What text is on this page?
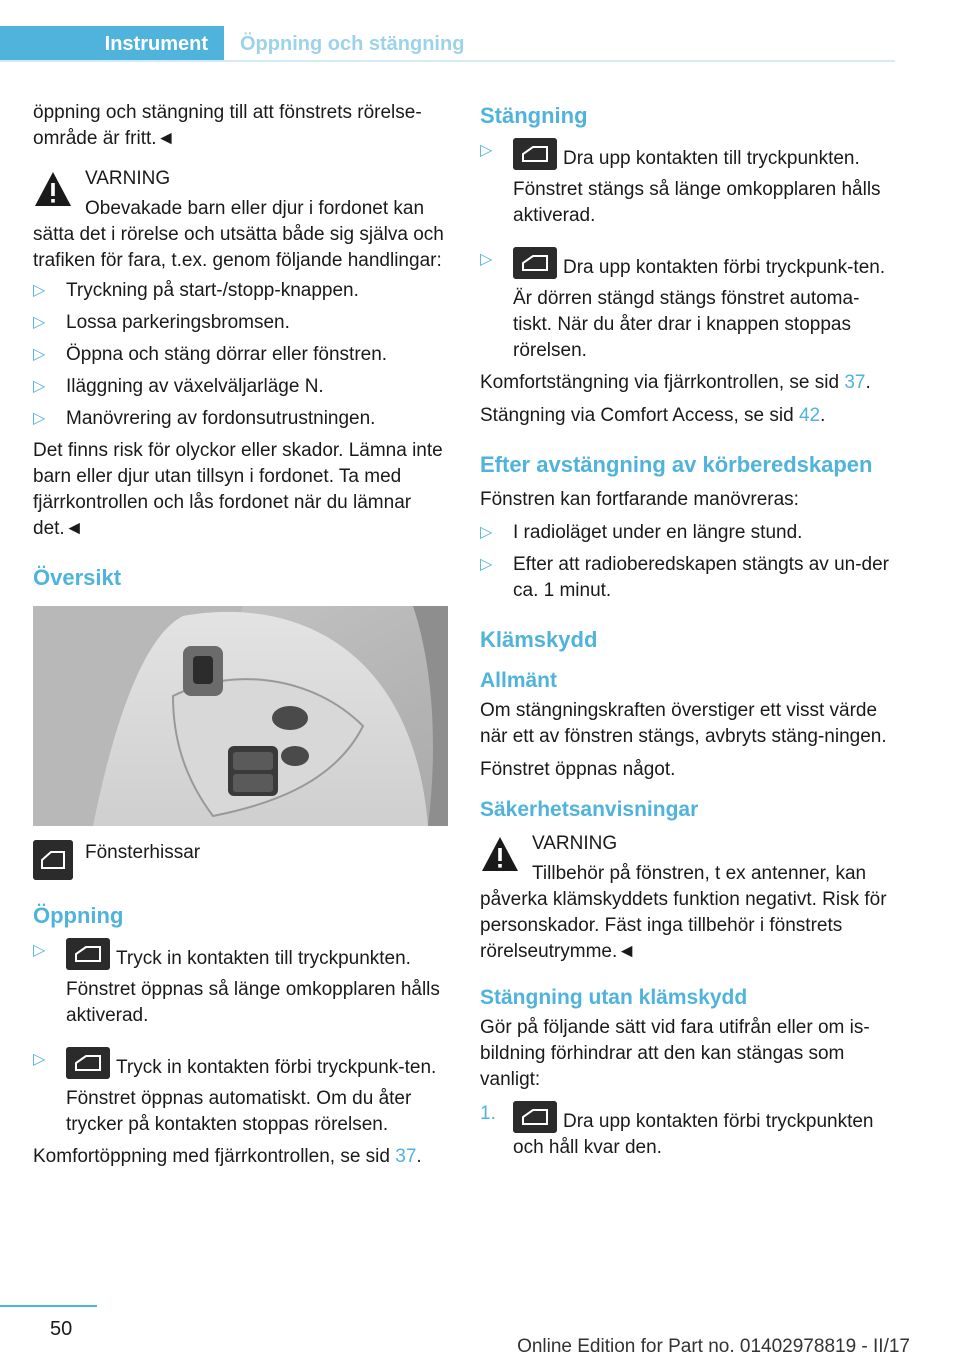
Instrument	Öppning och stängning

öppning och stängning till att fönstrets rörelse-område är fritt.◄

VARNING

Obevakade barn eller djur i fordonet kan

sätta det i rörelse och utsätta både sig själva och trafiken för fara, t.ex. genom följande handlingar:

▷ Tryckning på start-/stopp-knappen.
▷ Lossa parkeringsbromsen.
▷ Öppna och stäng dörrar eller fönstren.
▷ Iläggning av växelväljarläge N.
▷ Manövrering av fordonsutrustningen.

Det finns risk för olyckor eller skador. Lämna inte barn eller djur utan tillsyn i fordonet. Ta med fjärrkontrollen och lås fordonet när du lämnar det.◄

Översikt
Fönsterhissar
Öppning
▷	Tryck in kontakten till tryckpunkten.
Fönstret öppnas så länge omkopplaren hålls aktiverad.
▷	Tryck in kontakten förbi tryckpunk-ten.
Fönstret öppnas automatiskt. Om du åter trycker på kontakten stoppas rörelsen.

Komfortöppning med fjärrkontrollen, se sid 37.

Stängning
▷	Dra upp kontakten till tryckpunkten.
Fönstret stängs så länge omkopplaren hålls aktiverad.
▷	Dra upp kontakten förbi tryckpunk-ten.
Är dörren stängd stängs fönstret automa-tiskt. När du åter drar i knappen stoppas rörelsen.

Komfortstängning via fjärrkontrollen, se sid 37.

Stängning via Comfort Access, se sid 42.

Efter avstängning av körberedskapen

Fönstren kan fortfarande manövreras:

▷ I radioläget under en längre stund.
▷ Efter att radioberedskapen stängts av un-der ca. 1 minut.
Klämskydd
Allmänt

Om stängningskraften överstiger ett visst värde när ett av fönstren stängs, avbryts stäng-ningen.

Fönstret öppnas något.

Säkerhetsanvisningar

VARNING

Tillbehör på fönstren, t ex antenner, kan

påverka klämskyddets funktion negativt. Risk för personskador. Fäst inga tillbehör i fönstrets rörelseutrymme.◄

Stängning utan klämskydd

Gör på följande sätt vid fara utifrån eller om is-bildning förhindrar att den kan stängas som vanligt:

1.	Dra upp kontakten förbi tryckpunkten och håll kvar den.
50
Online Edition for Part no. 01402978819 - II/17
